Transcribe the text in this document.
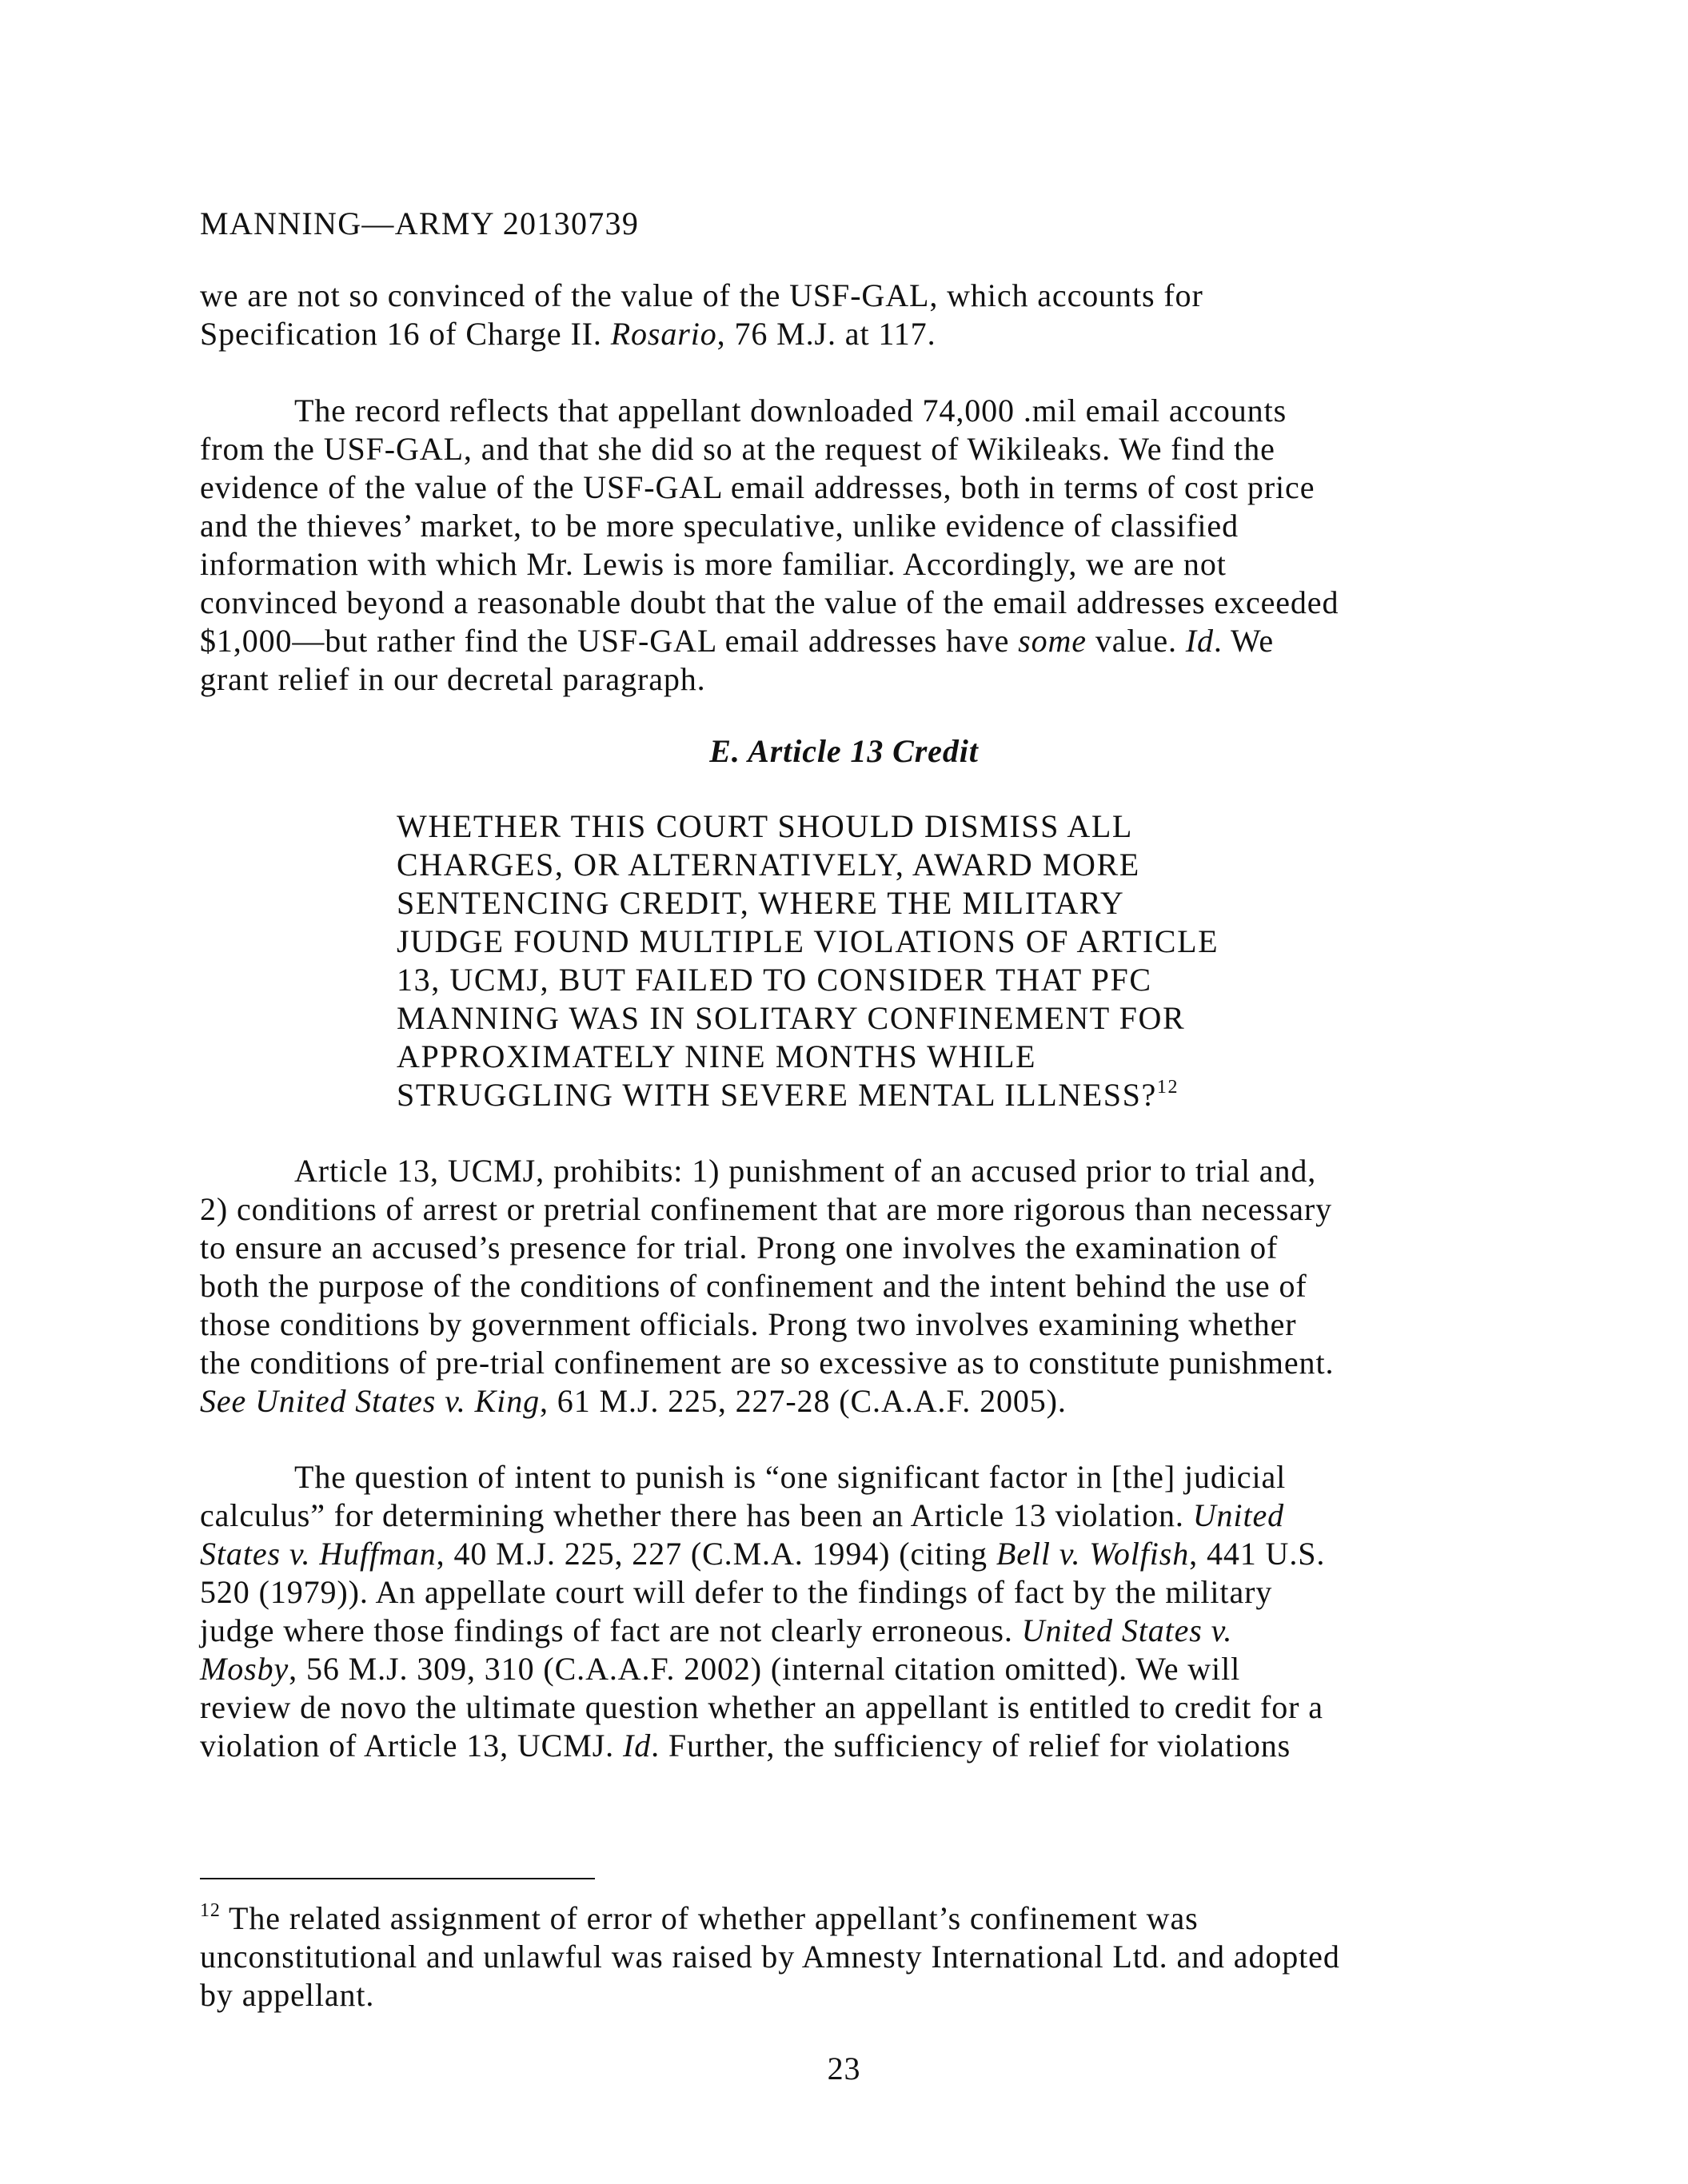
MANNING—ARMY 20130739
we are not so convinced of the value of the USF-GAL, which accounts for
Specification 16 of Charge II. Rosario, 76 M.J. at 117.
The record reflects that appellant downloaded 74,000 .mil email accounts
from the USF-GAL, and that she did so at the request of Wikileaks. We find the
evidence of the value of the USF-GAL email addresses, both in terms of cost price
and the thieves’ market, to be more speculative, unlike evidence of classified
information with which Mr. Lewis is more familiar. Accordingly, we are not
convinced beyond a reasonable doubt that the value of the email addresses exceeded
$1,000—but rather find the USF-GAL email addresses have some value. Id. We
grant relief in our decretal paragraph.
E. Article 13 Credit
WHETHER THIS COURT SHOULD DISMISS ALL
CHARGES, OR ALTERNATIVELY, AWARD MORE
SENTENCING CREDIT, WHERE THE MILITARY
JUDGE FOUND MULTIPLE VIOLATIONS OF ARTICLE
13, UCMJ, BUT FAILED TO CONSIDER THAT PFC
MANNING WAS IN SOLITARY CONFINEMENT FOR
APPROXIMATELY NINE MONTHS WHILE
STRUGGLING WITH SEVERE MENTAL ILLNESS?$^{12}$
Article 13, UCMJ, prohibits: 1) punishment of an accused prior to trial and,
2) conditions of arrest or pretrial confinement that are more rigorous than necessary
to ensure an accused’s presence for trial. Prong one involves the examination of
both the purpose of the conditions of confinement and the intent behind the use of
those conditions by government officials. Prong two involves examining whether
the conditions of pre-trial confinement are so excessive as to constitute punishment.
See United States v. King, 61 M.J. 225, 227-28 (C.A.A.F. 2005).
The question of intent to punish is “one significant factor in [the] judicial
calculus” for determining whether there has been an Article 13 violation. United
States v. Huffman, 40 M.J. 225, 227 (C.M.A. 1994) (citing Bell v. Wolfish, 441 U.S.
520 (1979)). An appellate court will defer to the findings of fact by the military
judge where those findings of fact are not clearly erroneous. United States v.
Mosby, 56 M.J. 309, 310 (C.A.A.F. 2002) (internal citation omitted). We will
review de novo the ultimate question whether an appellant is entitled to credit for a
violation of Article 13, UCMJ. Id. Further, the sufficiency of relief for violations
$^{12}$ The related assignment of error of whether appellant’s confinement was
unconstitutional and unlawful was raised by Amnesty International Ltd. and adopted
by appellant.
23
